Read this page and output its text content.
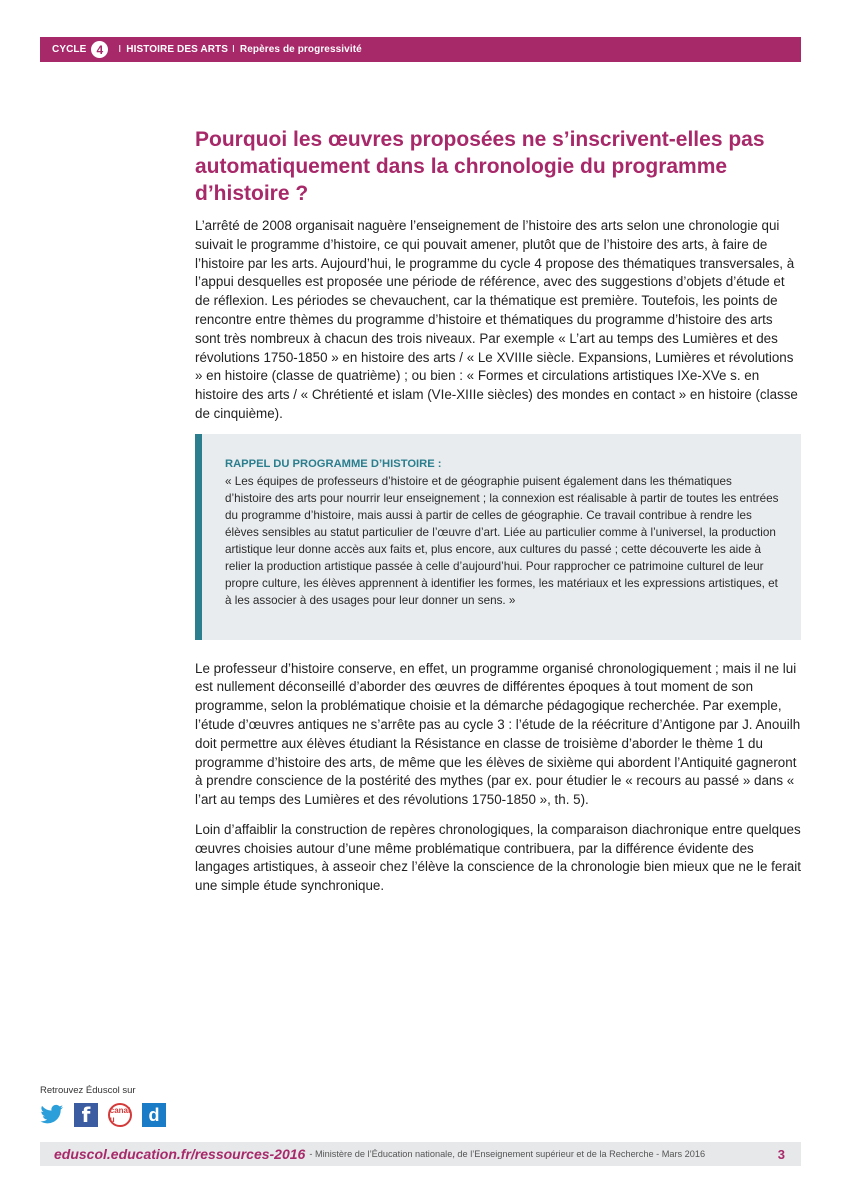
CYCLE 4	I HISTOIRE DES ARTS I Repères de progressivité
Pourquoi les œuvres proposées ne s’inscrivent-elles pas automatiquement dans la chronologie du programme d’histoire ?

L’arrêté de 2008 organisait naguère l’enseignement de l’histoire des arts selon une chronologie qui suivait le programme d’histoire, ce qui pouvait amener, plutôt que de l’histoire des arts, à faire de l’histoire par les arts. Aujourd’hui, le programme du cycle 4 propose des thématiques transversales, à l’appui desquelles est proposée une période de référence, avec des suggestions d’objets d’étude et de réflexion. Les périodes se chevauchent, car la thématique est première. Toutefois, les points de rencontre entre thèmes du programme d’histoire et thématiques du programme d’histoire des arts sont très nombreux à chacun des trois niveaux. Par exemple « L’art au temps des Lumières et des révolutions 1750-1850 » en histoire des arts / « Le XVIIIe siècle. Expansions, Lumières et révolutions » en histoire (classe de quatrième) ; ou bien : « Formes et circulations artistiques IXe-XVe s. en histoire des arts / « Chrétienté et islam (VIe-XIIIe siècles) des mondes en contact » en histoire (classe de cinquième).

RAPPEL DU PROGRAMME D’HISTOIRE :
« Les équipes de professeurs d’histoire et de géographie puisent également dans les thématiques d’histoire des arts pour nourrir leur enseignement ; la connexion est réalisable à partir de toutes les entrées du programme d’histoire, mais aussi à partir de celles de géographie. Ce travail contribue à rendre les élèves sensibles au statut particulier de l’œuvre d’art. Liée au particulier comme à l’universel, la production artistique leur donne accès aux faits et, plus encore, aux cultures du passé ; cette découverte les aide à relier la production artistique passée à celle d’aujourd’hui. Pour rapprocher ce patrimoine culturel de leur propre culture, les élèves apprennent à identifier les formes, les matériaux et les expressions artistiques, et à les associer à des usages pour leur donner un sens. »

Le professeur d’histoire conserve, en effet, un programme organisé chronologiquement ; mais il ne lui est nullement déconseillé d’aborder des œuvres de différentes époques à tout moment de son programme, selon la problématique choisie et la démarche pédagogique recherchée. Par exemple, l’étude d’œuvres antiques ne s’arrête pas au cycle 3 : l’étude de la réécriture d’Antigone par J. Anouilh doit permettre aux élèves étudiant la Résistance en classe de troisième d’aborder le thème 1 du programme d’histoire des arts, de même que les élèves de sixième qui abordent l’Antiquité gagneront à prendre conscience de la postérité des mythes (par ex. pour étudier le « recours au passé » dans « l’art au temps des Lumières et des révolutions 1750-1850 », th. 5).

Loin d’affaiblir la construction de repères chronologiques, la comparaison diachronique entre quelques œuvres choisies autour d’une même problématique contribuera, par la différence évidente des langages artistiques, à asseoir chez l’élève la conscience de la chronologie bien mieux que ne le ferait une simple étude synchronique.

Retrouvez Éduscol sur
f	canal u	d
eduscol.education.fr/ressources-2016 - Ministère de l’Éducation nationale, de l’Enseignement supérieur et de la Recherche - Mars 2016	3
